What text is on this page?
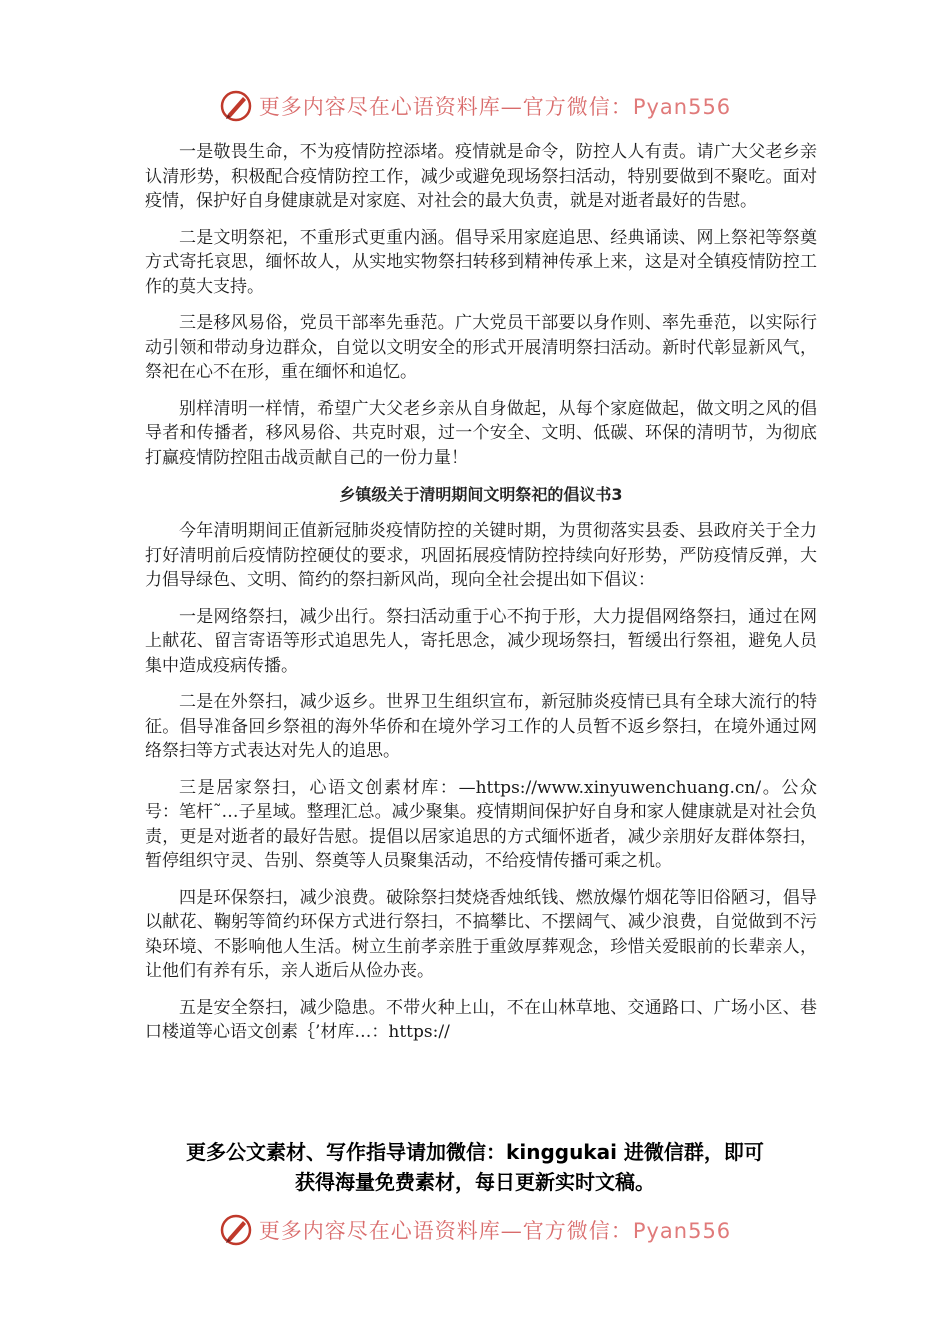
更多内容尽在心语资料库—官方微信：Pyan556

一是敬畏生命，不为疫情防控添堵。疫情就是命令，防控人人有责。请广大父老乡亲认清形势，积极配合疫情防控工作，减少或避免现场祭扫活动，特别要做到不聚吃。面对疫情，保护好自身健康就是对家庭、对社会的最大负责，就是对逝者最好的告慰。

二是文明祭祀，不重形式更重内涵。倡导采用家庭追思、经典诵读、网上祭祀等祭奠方式寄托哀思，缅怀故人，从实地实物祭扫转移到精神传承上来，这是对全镇疫情防控工作的莫大支持。

三是移风易俗，党员干部率先垂范。广大党员干部要以身作则、率先垂范，以实际行动引领和带动身边群众，自觉以文明安全的形式开展清明祭扫活动。新时代彰显新风气，祭祀在心不在形，重在缅怀和追忆。

别样清明一样情，希望广大父老乡亲从自身做起，从每个家庭做起，做文明之风的倡导者和传播者，移风易俗、共克时艰，过一个安全、文明、低碳、环保的清明节，为彻底打赢疫情防控阻击战贡献自己的一份力量！

乡镇级关于清明期间文明祭祀的倡议书3

今年清明期间正值新冠肺炎疫情防控的关键时期，为贯彻落实县委、县政府关于全力打好清明前后疫情防控硬仗的要求，巩固拓展疫情防控持续向好形势，严防疫情反弹，大力倡导绿色、文明、简约的祭扫新风尚，现向全社会提出如下倡议：

一是网络祭扫，减少出行。祭扫活动重于心不拘于形，大力提倡网络祭扫，通过在网上献花、留言寄语等形式追思先人，寄托思念，减少现场祭扫，暂缓出行祭祖，避免人员集中造成疫病传播。

二是在外祭扫，减少返乡。世界卫生组织宣布，新冠肺炎疫情已具有全球大流行的特征。倡导准备回乡祭祖的海外华侨和在境外学习工作的人员暂不返乡祭扫，在境外通过网络祭扫等方式表达对先人的追思。

三是居家祭扫，心语文创素材库：—https://www.xinyuwenchuang.cn/。公众号：笔杆˜…子星域。整理汇总。减少聚集。疫情期间保护好自身和家人健康就是对社会负责，更是对逝者的最好告慰。提倡以居家追思的方式缅怀逝者，减少亲朋好友群体祭扫，暂停组织守灵、告别、祭奠等人员聚集活动，不给疫情传播可乘之机。

四是环保祭扫，减少浪费。破除祭扫焚烧香烛纸钱、燃放爆竹烟花等旧俗陋习，倡导以献花、鞠躬等简约环保方式进行祭扫，不搞攀比、不摆阔气、减少浪费，自觉做到不污染环境、不影响他人生活。树立生前孝亲胜于重敛厚葬观念，珍惜关爱眼前的长辈亲人，让他们有养有乐，亲人逝后从俭办丧。

五是安全祭扫，减少隐患。不带火种上山，不在山林草地、交通路口、广场小区、巷口楼道等心语文创素｛’材库…：https://

更多公文素材、写作指导请加微信：kinggukai 进微信群，即可
获得海量免费素材，每日更新实时文稿。
更多内容尽在心语资料库—官方微信：Pyan556
